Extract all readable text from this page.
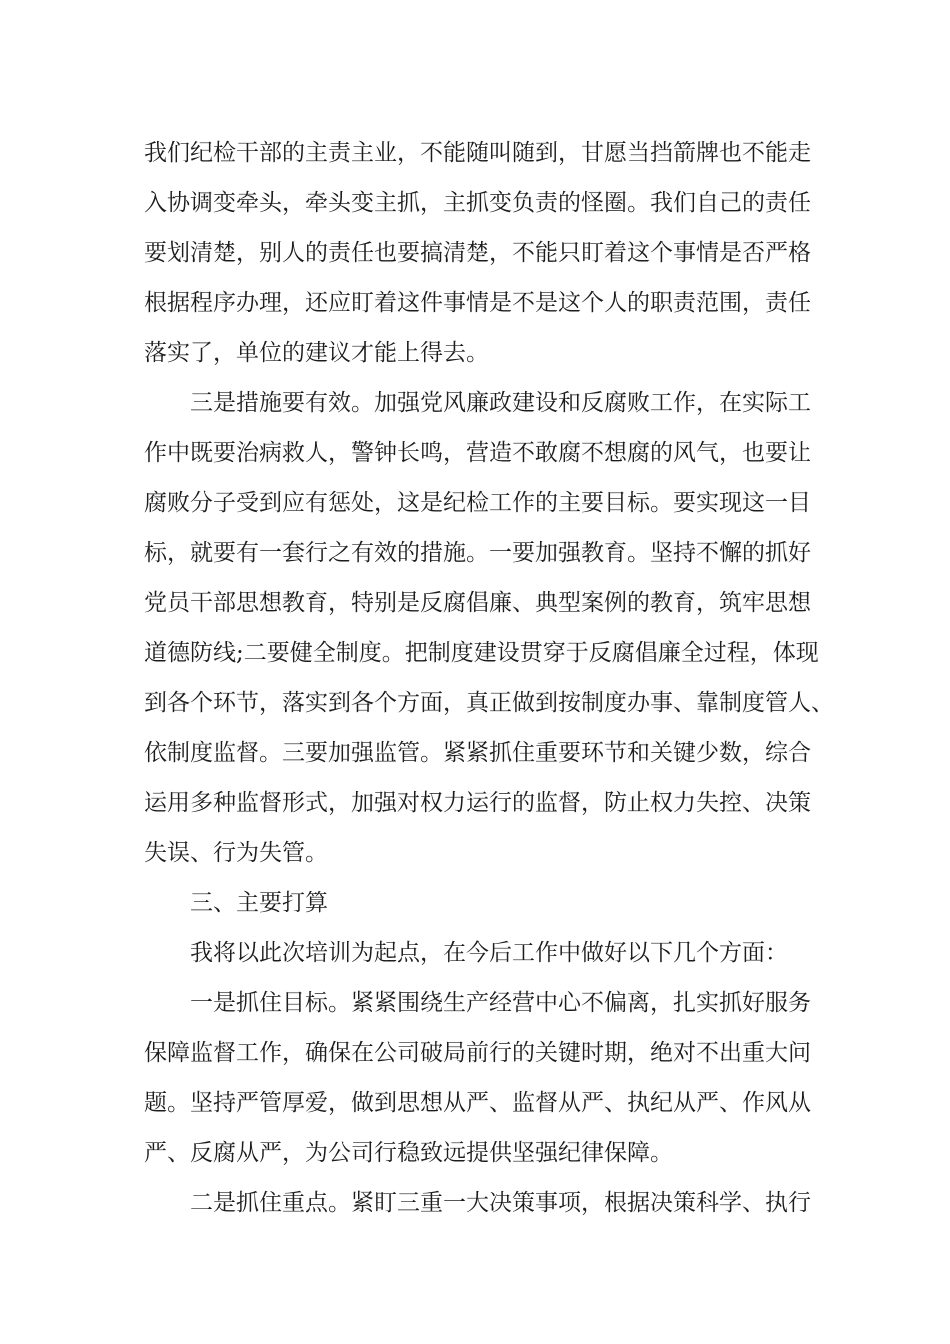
我们纪检干部的主责主业，不能随叫随到，甘愿当挡箭牌也不能走
入协调变牵头，牵头变主抓，主抓变负责的怪圈。我们自己的责任
要划清楚，别人的责任也要搞清楚，不能只盯着这个事情是否严格
根据程序办理，还应盯着这件事情是不是这个人的职责范围，责任
落实了，单位的建议才能上得去。
三是措施要有效。加强党风廉政建设和反腐败工作，在实际工
作中既要治病救人，警钟长鸣，营造不敢腐不想腐的风气，也要让
腐败分子受到应有惩处，这是纪检工作的主要目标。要实现这一目
标，就要有一套行之有效的措施。一要加强教育。坚持不懈的抓好
党员干部思想教育，特别是反腐倡廉、典型案例的教育，筑牢思想
道德防线;二要健全制度。把制度建设贯穿于反腐倡廉全过程，体现
到各个环节，落实到各个方面，真正做到按制度办事、靠制度管人、
依制度监督。三要加强监管。紧紧抓住重要环节和关键少数，综合
运用多种监督形式，加强对权力运行的监督，防止权力失控、决策
失误、行为失管。
三、主要打算
我将以此次培训为起点，在今后工作中做好以下几个方面：
一是抓住目标。紧紧围绕生产经营中心不偏离，扎实抓好服务
保障监督工作，确保在公司破局前行的关键时期，绝对不出重大问
题。坚持严管厚爱，做到思想从严、监督从严、执纪从严、作风从
严、反腐从严，为公司行稳致远提供坚强纪律保障。
二是抓住重点。紧盯三重一大决策事项，根据决策科学、执行
